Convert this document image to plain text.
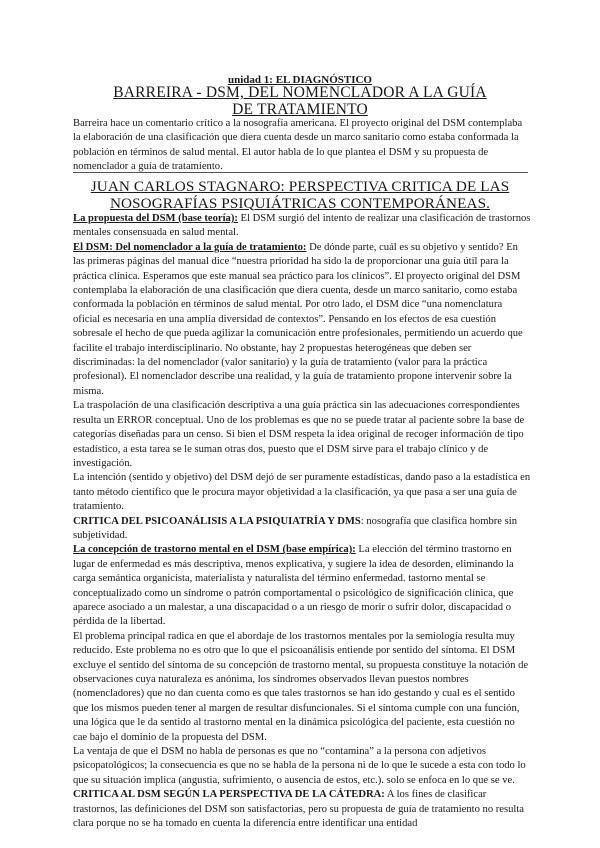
unidad 1: EL DIAGNÓSTICO
BARREIRA - DSM, DEL NOMENCLADOR A LA GUÍA DE TRATAMIENTO
Barreira hace un comentario crítico a la nosografía americana. El proyecto original del DSM contemplaba la elaboración de una clasificación que diera cuenta desde un marco sanitario como estaba conformada la población en términos de salud mental. El autor habla de lo que plantea el DSM y su propuesta de nomenclador a guía de tratamiento.
JUAN CARLOS STAGNARO: PERSPECTIVA CRITICA DE LAS NOSOGRAFÍAS PSIQUIÁTRICAS CONTEMPORÁNEAS.

La propuesta del DSM (base teoría): El DSM surgió del intento de realizar una clasificación de trastornos mentales consensuada en salud mental.

El DSM: Del nomenclador a la guía de tratamiento: De dónde parte, cuál es su objetivo y sentido? En las primeras páginas del manual dice “nuestra prioridad ha sido la de proporcionar una guía útil para la práctica clínica. Esperamos que este manual sea práctico para los clínicos”. El proyecto original del DSM contemplaba la elaboración de una clasificación que diera cuenta, desde un marco sanitario, como estaba conformada la población en términos de salud mental. Por otro lado, el DSM dice “una nomenclatura oficial es necesaria en una amplia diversidad de contextos”. Pensando en los efectos de esa cuestión sobresale el hecho de que pueda agilizar la comunicación entre profesionales, permitiendo un acuerdo que facilite el trabajo interdisciplinario. No obstante, hay 2 propuestas heterogéneas que deben ser discriminadas: la del nomenclador (valor sanitario) y la guía de tratamiento (valor para la práctica profesional). El nomenclador describe una realidad, y la guía de tratamiento propone intervenir sobre la misma.

La traspolación de una clasificación descriptiva a una guía práctica sin las adecuaciones correspondientes resulta un ERROR conceptual. Uno de los problemas es que no se puede tratar al paciente sobre la base de categorías diseñadas para un censo. Si bien el DSM respeta la idea original de recoger información de tipo estadístico, a esta tarea se le suman otras dos, puesto que el DSM sirve para el trabajo clínico y de investigación.

La intención (sentido y objetivo) del DSM dejó de ser puramente estadísticas, dando paso a la estadística en tanto método científico que le procura mayor objetividad a la clasificación, ya que pasa a ser una guía de tratamiento.

CRITICA DEL PSICOANÁLISIS A LA PSIQUIATRÍA Y DMS: nosografía que clasifica hombre sin subjetividad.

La concepción de trastorno mental en el DSM (base empírica): La elección del término trastorno en lugar de enfermedad es más descriptiva, menos explicativa, y sugiere la idea de desorden, eliminando la carga semántica organicista, materialista y naturalista del término enfermedad. tastorno mental se conceptualizado como un síndrome o patrón comportamental o psicológico de significación clínica, que aparece asociado a un malestar, a una discapacidad o a un riesgo de morir o sufrir dolor, discapacidad o pérdida de la libertad.

El problema principal radica en que el abordaje de los trastornos mentales por la semiología resulta muy reducido. Este problema no es otro que lo que el psicoanálisis entiende por sentido del síntoma. El DSM excluye el sentido del síntoma de su concepción de trastorno mental, su propuesta constituye la notación de observaciones cuya naturaleza es anónima, los síndromes observados llevan puestos nombres (nomencladores) que no dan cuenta como es que tales trastornos se han ido gestando y cual es el sentido que los mismos pueden tener al margen de resultar disfuncionales. Si el síntoma cumple con una función, una lógica que le da sentido al trastorno mental en la dinámica psicológica del paciente, esta cuestión no cae bajo el dominio de la propuesta del DSM.

La ventaja de que el DSM no habla de personas es que no “contamina” a la persona con adjetivos psicopatológicos; la consecuencia es que no se habla de la persona ni de lo que le sucede a esta con todo lo que su situación implica (angustia, sufrimiento, o ausencia de estos, etc.). solo se enfoca en lo que se ve.

CRITICA AL DSM SEGÚN LA PERSPECTIVA DE LA CÁTEDRA: A los fines de clasificar trastornos, las definiciones del DSM son satisfactorias, pero su propuesta de guía de tratamiento no resulta clara porque no se ha tomado en cuenta la diferencia entre identificar una entidad
